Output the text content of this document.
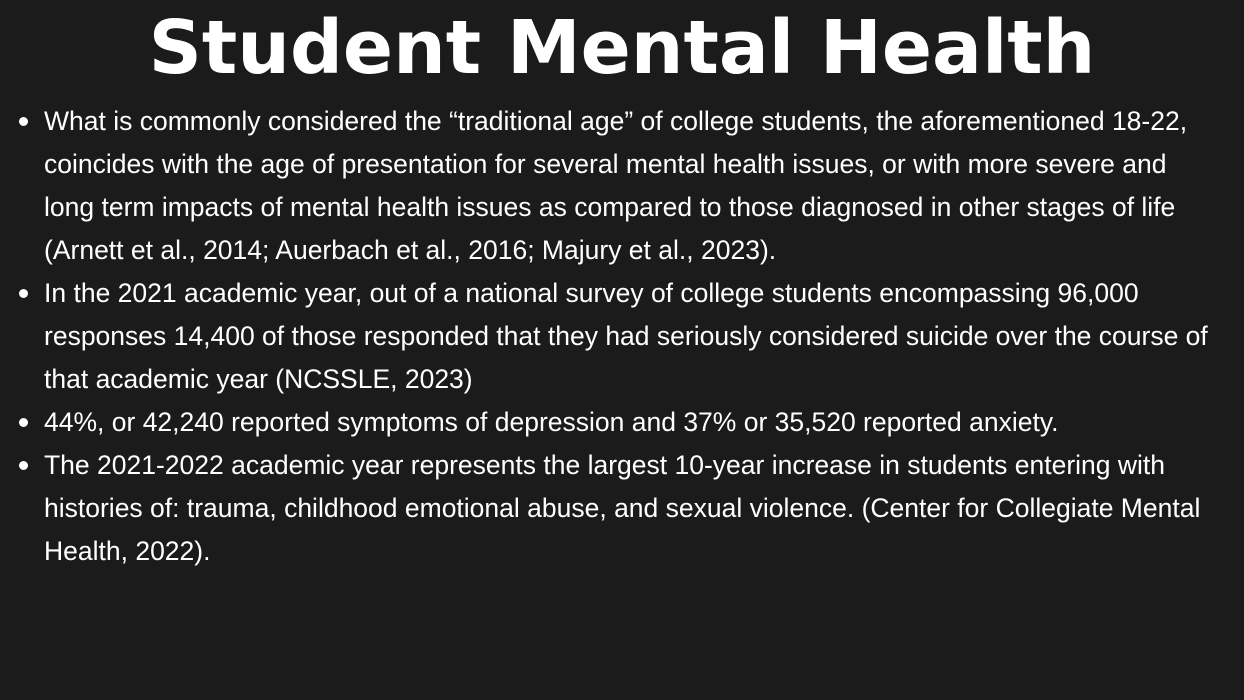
Student Mental Health
What is commonly considered the “traditional age” of college students, the aforementioned 18-22, coincides with the age of presentation for several mental health issues, or with more severe and long term impacts of mental health issues as compared to those diagnosed in other stages of life (Arnett et al., 2014; Auerbach et al., 2016; Majury et al., 2023).
In the 2021 academic year, out of a national survey of college students encompassing 96,000 responses 14,400 of those responded that they had seriously considered suicide over the course of that academic year (NCSSLE, 2023)
44%, or 42,240 reported symptoms of depression and 37% or 35,520 reported anxiety.
The 2021-2022 academic year represents the largest 10-year increase in students entering with histories of: trauma, childhood emotional abuse, and sexual violence. (Center for Collegiate Mental Health, 2022).
